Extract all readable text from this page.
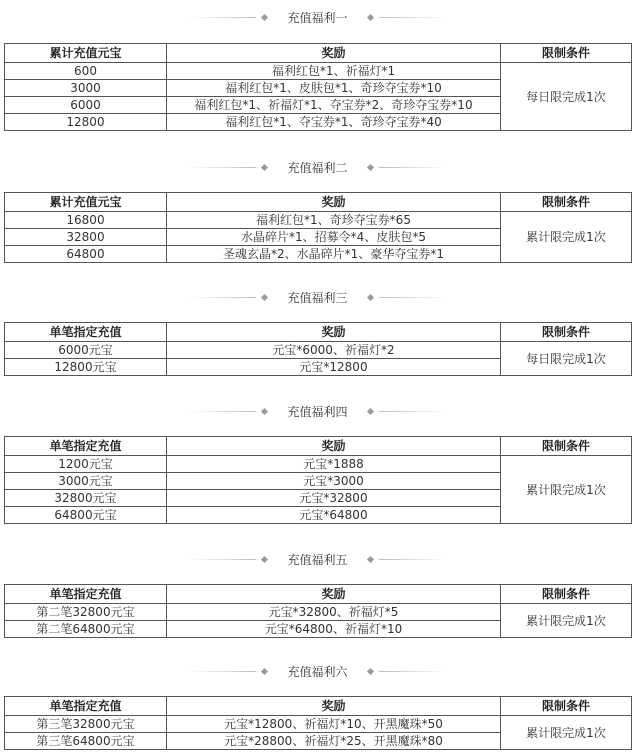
充值福利一
累计充值元宝	奖励	限制条件
600	福利红包*1、祈福灯*1	每日限完成1次
3000	福利红包*1、皮肤包*1、奇珍夺宝券*10	
6000	福利红包*1、祈福灯*1、夺宝券*2、奇珍夺宝券*10	
12800	福利红包*1、夺宝券*1、奇珍夺宝券*40	
充值福利二
累计充值元宝	奖励	限制条件
16800	福利红包*1、奇珍夺宝券*65	累计限完成1次
32800	水晶碎片*1、招募令*4、皮肤包*5	
64800	圣魂玄晶*2、水晶碎片*1、豪华夺宝券*1	
充值福利三
单笔指定充值	奖励	限制条件
6000元宝	元宝*6000、祈福灯*2	每日限完成1次
12800元宝	元宝*12800	
充值福利四
单笔指定充值	奖励	限制条件
1200元宝	元宝*1888	累计限完成1次
3000元宝	元宝*3000	
32800元宝	元宝*32800	
64800元宝	元宝*64800	
充值福利五
单笔指定充值	奖励	限制条件
第二笔32800元宝	元宝*32800、祈福灯*5	累计限完成1次
第二笔64800元宝	元宝*64800、祈福灯*10	
充值福利六
单笔指定充值	奖励	限制条件
第三笔32800元宝	元宝*12800、祈福灯*10、开黑魔珠*50	累计限完成1次
第三笔64800元宝	元宝*28800、祈福灯*25、开黑魔珠*80	
